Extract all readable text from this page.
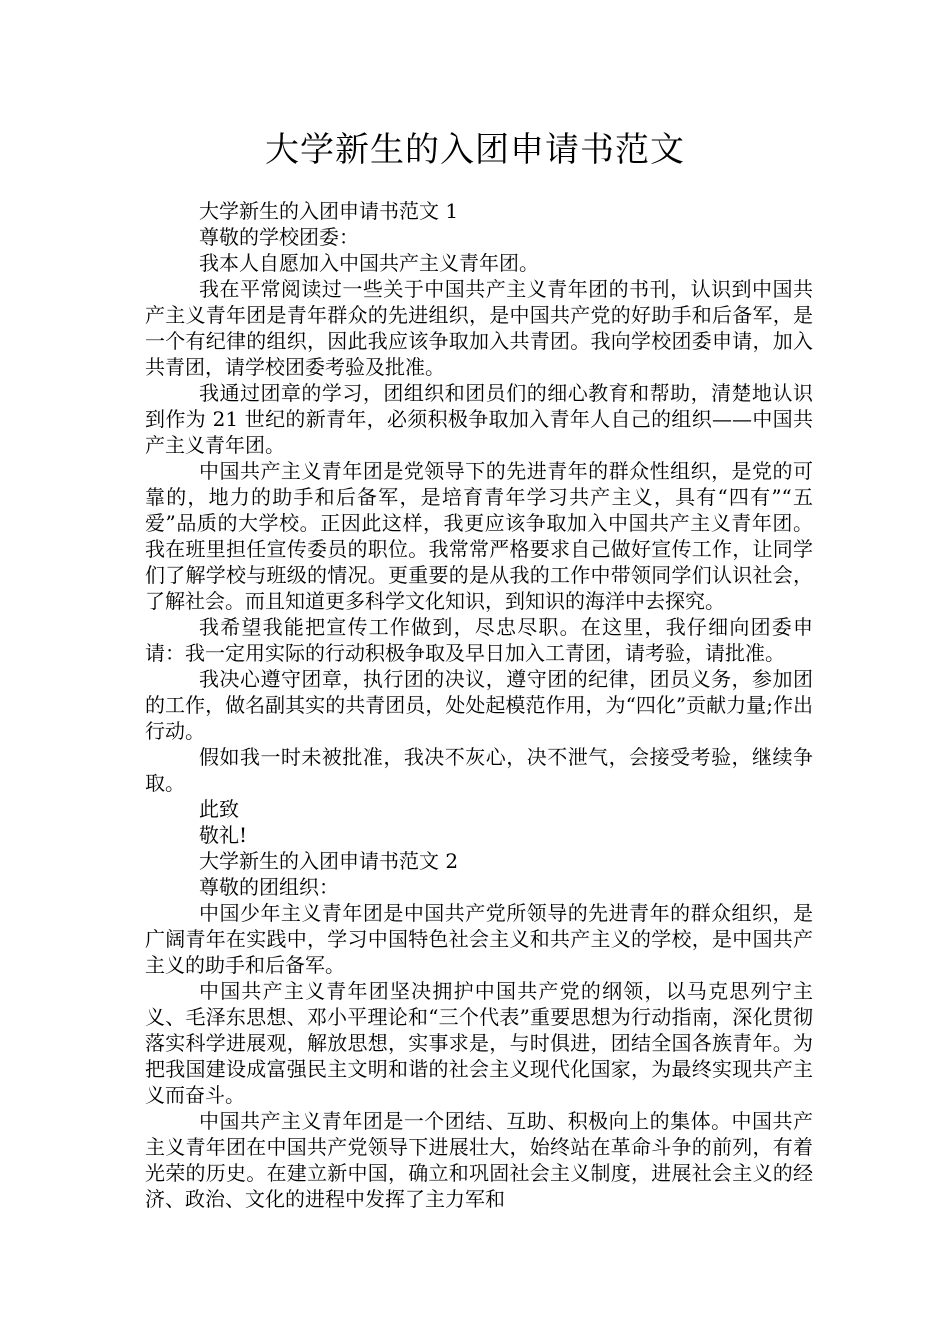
大学新生的入团申请书范文

大学新生的入团申请书范文 1

尊敬的学校团委：

我本人自愿加入中国共产主义青年团。

我在平常阅读过一些关于中国共产主义青年团的书刊，认识到中国共产主义青年团是青年群众的先进组织，是中国共产党的好助手和后备军，是一个有纪律的组织，因此我应该争取加入共青团。我向学校团委申请，加入共青团，请学校团委考验及批准。

我通过团章的学习，团组织和团员们的细心教育和帮助，清楚地认识到作为 21 世纪的新青年，必须积极争取加入青年人自己的组织——中国共产主义青年团。

中国共产主义青年团是党领导下的先进青年的群众性组织，是党的可靠的，地力的助手和后备军，是培育青年学习共产主义，具有“四有”“五爱”品质的大学校。正因此这样，我更应该争取加入中国共产主义青年团。我在班里担任宣传委员的职位。我常常严格要求自己做好宣传工作，让同学们了解学校与班级的情况。更重要的是从我的工作中带领同学们认识社会，了解社会。而且知道更多科学文化知识，到知识的海洋中去探究。

我希望我能把宣传工作做到，尽忠尽职。在这里，我仔细向团委申请：我一定用实际的行动积极争取及早日加入工青团，请考验，请批准。

我决心遵守团章，执行团的决议，遵守团的纪律，团员义务，参加团的工作，做名副其实的共青团员，处处起模范作用，为“四化”贡献力量;作出行动。

假如我一时未被批准，我决不灰心，决不泄气，会接受考验，继续争取。

此致

敬礼!

大学新生的入团申请书范文 2

尊敬的团组织：

中国少年主义青年团是中国共产党所领导的先进青年的群众组织，是广阔青年在实践中，学习中国特色社会主义和共产主义的学校，是中国共产主义的助手和后备军。

中国共产主义青年团坚决拥护中国共产党的纲领，以马克思列宁主义、毛泽东思想、邓小平理论和“三个代表”重要思想为行动指南，深化贯彻落实科学进展观，解放思想，实事求是，与时俱进，团结全国各族青年。为把我国建设成富强民主文明和谐的社会主义现代化国家，为最终实现共产主义而奋斗。

中国共产主义青年团是一个团结、互助、积极向上的集体。中国共产主义青年团在中国共产党领导下进展壮大，始终站在革命斗争的前列，有着光荣的历史。在建立新中国，确立和巩固社会主义制度，进展社会主义的经济、政治、文化的进程中发挥了主力军和
